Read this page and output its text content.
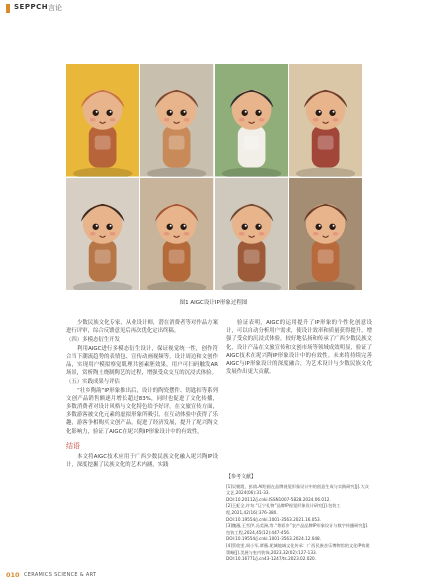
SEPPCH 言论
图1 AIGC设计IP形象过程图

少数民族文化专家，从业设计师，潜在消费者等对作品方案进行评审，综合反馈意见后再次优化定出终稿。

（四）多模态衍生开发

利用AIGC进行多模态衍生设计，保证视觉统一性，创作符合当下潮流趋势的表情包、宣传动画视频等，设计周边和文创作品，实现用户模拟察觉肌理共创素胚效果，用户可扫码触发AR场景，赏析陶土烧制陶艺的过程，增强受众交互的沉浸式体验。

（五）实践成果与评估

“壮乡陶韵”IP形象推出后，设计的陶瓷摆件、钥匙扣等系列文创产品销售额逐月增长超过83%，同时也促进了文化传播，多数消费者对设计风格与文化特色给予好评，在文旅宣传方面，多数游客被文化元素的虚拟形象所吸引，在互动体验中获得了乐趣，游客争相购买文创产品，促进了经济发展，提升了坭兴陶文化影响力，验证了AIGC在坭兴陶IP形象设计中的有效性。

结语

本文将AIGC技术应用于广西少数民族文化融入坭兴陶IP设计，深度挖掘了民族文化的艺术内涵，实践

验证表明，AIGC的运用提升了IP形象的个性化创意设计，可以自动分析用户需求，使设计效率和质量获得提升，增强了受众的沉浸式体验，较好地弘扬和传承了广西少数民族文化，设计产品在文旅宣传和文创市场等领域成效明显，验证了AIGC技术在坭兴陶IP形象设计中的有效性。未来将持续完善AIGC与IP形象设计的深度融合，为艺术设计与少数民族文化发展作出更大贡献。

【参考文献】
[1]吴朝霞，彭倩.AI绘画在品牌视觉形象设计中的创意生成与实践研究[J].大众文艺,2024(06):31-33.
DOI:10.20112/j.cnki.ISSN1007-5828.2024.06.012.
[2]王虹全,许旬.“辽宁礼物”品牌IP视觉形象设计研究[J].包装工程,2021,42(16):376-380.
DOI:10.19554/j.cnki.1001-3563.2021.16.053.
[3]魏薇,王雪伊,冯美洲,等.“粤彩乡”农产品品牌IP形象设计与数字传播研究[J].包装工程,2024,45(12):447-456.
DOI:10.19554/j.cnki.1001-3563.2024.12.048.
[4]蔡欣雯,周小军,覃薇.坭城地域文化传承：广西民族音乐博物馆的文化IP构建策略[J].美展与室内装饰,2023,32(02):127-133.
DOI:10.16771/j.cn43-1247/ts.2023.02.020.
010 CERAMICS SCIENCE & ART
